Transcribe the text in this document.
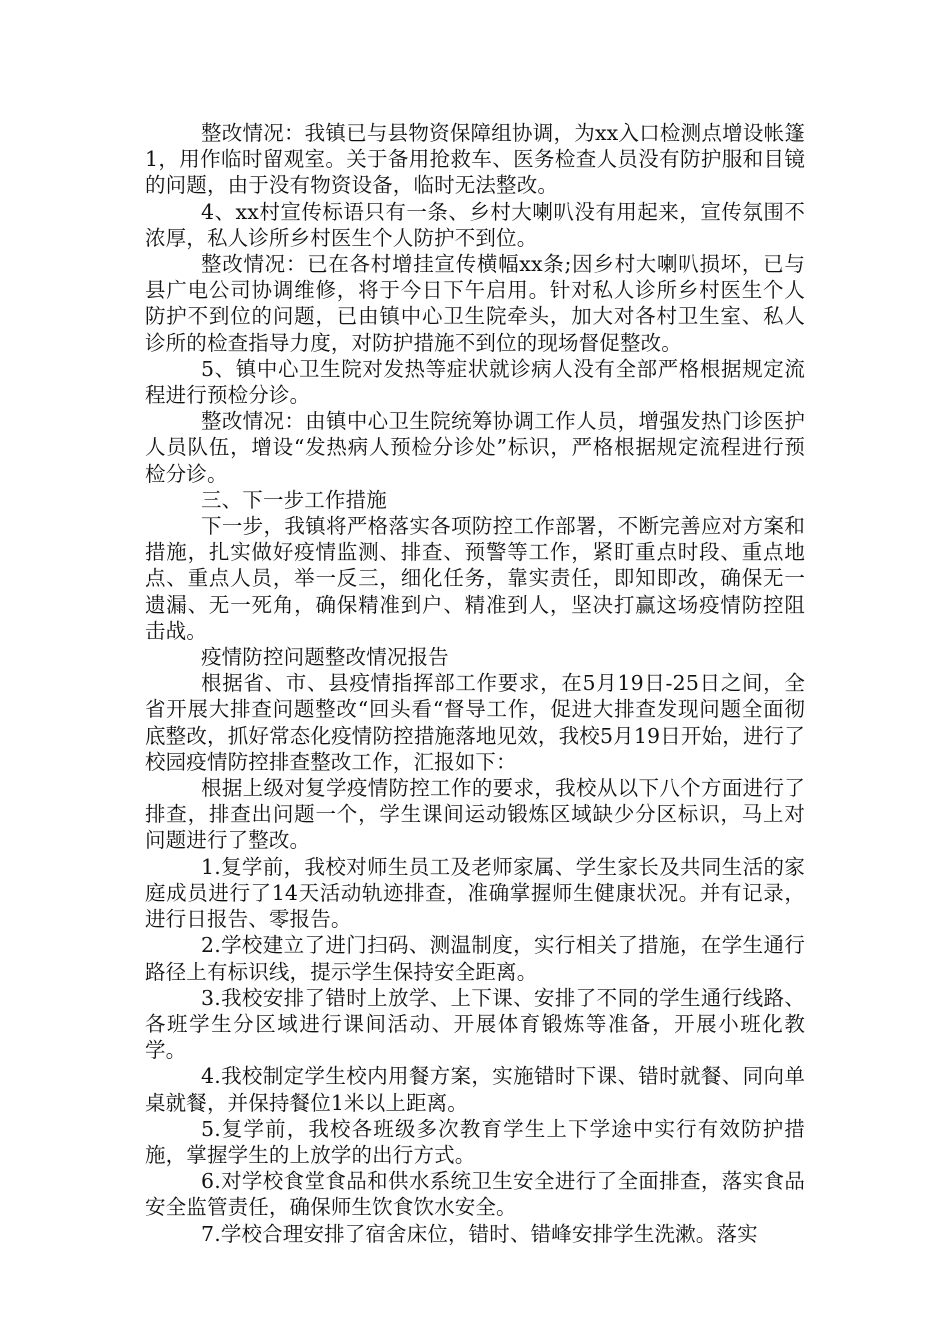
整改情况：我镇已与县物资保障组协调，为xx入口检测点增设帐篷1，用作临时留观室。关于备用抢救车、医务检查人员没有防护服和目镜的问题，由于没有物资设备，临时无法整改。

4、xx村宣传标语只有一条、乡村大喇叭没有用起来，宣传氛围不浓厚，私人诊所乡村医生个人防护不到位。

整改情况：已在各村增挂宣传横幅xx条;因乡村大喇叭损坏，已与县广电公司协调维修，将于今日下午启用。针对私人诊所乡村医生个人防护不到位的问题，已由镇中心卫生院牵头，加大对各村卫生室、私人诊所的检查指导力度，对防护措施不到位的现场督促整改。

5、镇中心卫生院对发热等症状就诊病人没有全部严格根据规定流程进行预检分诊。

整改情况：由镇中心卫生院统筹协调工作人员，增强发热门诊医护人员队伍，增设“发热病人预检分诊处”标识，严格根据规定流程进行预检分诊。

三、下一步工作措施

下一步，我镇将严格落实各项防控工作部署，不断完善应对方案和措施，扎实做好疫情监测、排查、预警等工作，紧盯重点时段、重点地点、重点人员，举一反三，细化任务，靠实责任，即知即改，确保无一遗漏、无一死角，确保精准到户、精准到人，坚决打赢这场疫情防控阻击战。

疫情防控问题整改情况报告

根据省、市、县疫情指挥部工作要求，在5月19日-25日之间，全省开展大排查问题整改“回头看“督导工作，促进大排查发现问题全面彻底整改，抓好常态化疫情防控措施落地见效，我校5月19日开始，进行了校园疫情防控排查整改工作，汇报如下：

根据上级对复学疫情防控工作的要求，我校从以下八个方面进行了排查，排查出问题一个，学生课间运动锻炼区域缺少分区标识，马上对问题进行了整改。

1.复学前，我校对师生员工及老师家属、学生家长及共同生活的家庭成员进行了14天活动轨迹排查，准确掌握师生健康状况。并有记录，进行日报告、零报告。

2.学校建立了进门扫码、测温制度，实行相关了措施，在学生通行路径上有标识线，提示学生保持安全距离。

3.我校安排了错时上放学、上下课、安排了不同的学生通行线路、各班学生分区域进行课间活动、开展体育锻炼等准备，开展小班化教学。

4.我校制定学生校内用餐方案，实施错时下课、错时就餐、同向单桌就餐，并保持餐位1米以上距离。

5.复学前，我校各班级多次教育学生上下学途中实行有效防护措施，掌握学生的上放学的出行方式。

6.对学校食堂食品和供水系统卫生安全进行了全面排查，落实食品安全监管责任，确保师生饮食饮水安全。

7.学校合理安排了宿舍床位，错时、错峰安排学生洗漱。落实
